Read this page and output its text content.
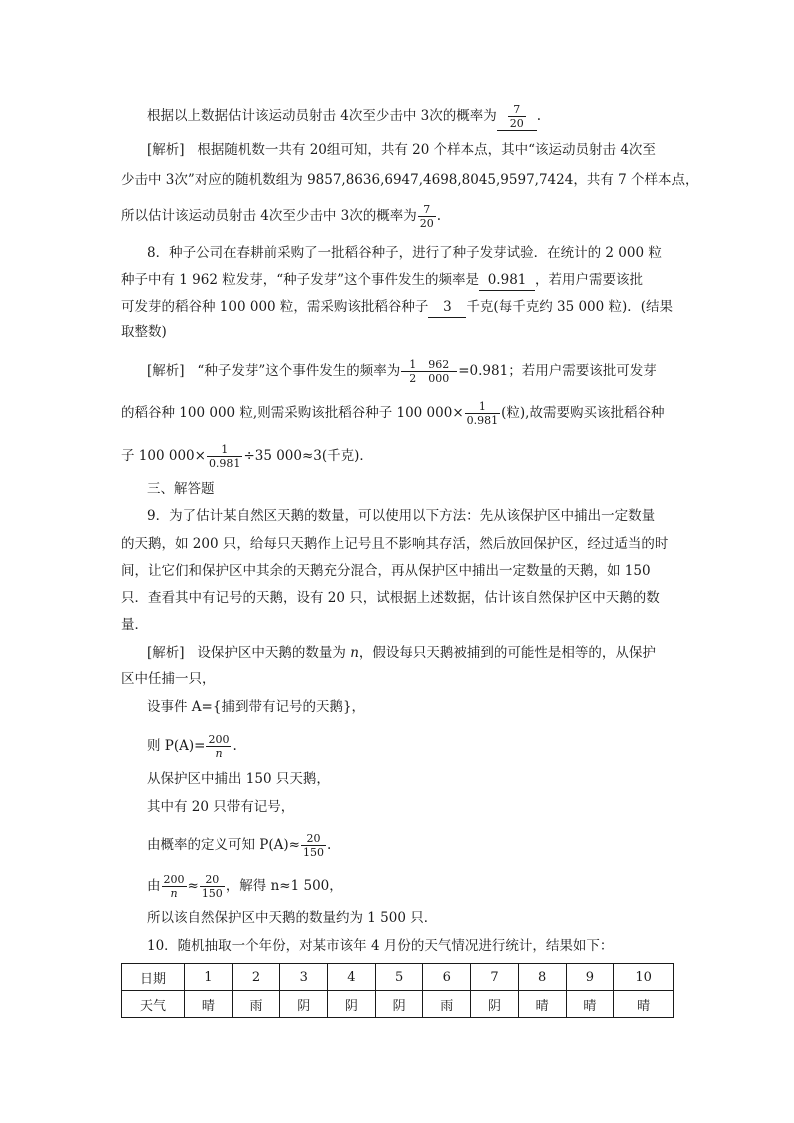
根据以上数据估计该运动员射击 4次至少击中 3次的概率为 $\frac{7}{20}$ .
[解析] 根据随机数一共有 20组可知，共有 20 个样本点，其中“该运动员射击 4次至
少击中 3次”对应的随机数组为 9857,8636,6947,4698,8045,9597,7424，共有 7 个样本点，
所以估计该运动员射击 4次至少击中 3次的概率为 $\frac{7}{20}$ .
8．种子公司在春耕前采购了一批稻谷种子，进行了种子发芽试验．在统计的 2 000 粒
种子中有 1 962 粒发芽，“种子发芽”这个事件发生的频率是 0.981 ，若用户需要该批
可发芽的稻谷种 100 000 粒，需采购该批稻谷种子 3 千克(每千克约 35 000 粒)．(结果
取整数)
[解析] “种子发芽”这个事件发生的频率为 $\frac{1 962}{2 000} =0.981$；若用户需要该批可发芽
的稻谷种 100 000 粒,则需采购该批稻谷种子 100 $000\times \frac{1}{0.981}$ (粒),故需要购买该批稻谷种
子 100 $000\times \frac{1}{0.981} \div 35$ 000≈3(千克)．
三、解答题
9．为了估计某自然区天鹅的数量，可以使用以下方法：先从该保护区中捕出一定数量
的天鹅，如 200 只，给每只天鹅作上记号且不影响其存活，然后放回保护区，经过适当的时
间，让它们和保护区中其余的天鹅充分混合，再从保护区中捕出一定数量的天鹅，如 150
只．查看其中有记号的天鹅，设有 20 只，试根据上述数据，估计该自然保护区中天鹅的数
量．
[解析] 设保护区中天鹅的数量为 n，假设每只天鹅被捕到的可能性是相等的，从保护
区中任捕一只，
设事件 A={捕到带有记号的天鹅}，
则 $P(A)= \frac{200}{n}$ .
从保护区中捕出 150 只天鹅，
其中有 20 只带有记号，
由概率的定义可知 $P(A)\approx \frac{20}{150}$ .
由 $\frac{200}{n} \approx \frac{20}{150}$ ，解得 n≈1 500，
所以该自然保护区中天鹅的数量约为 1 500 只．
10．随机抽取一个年份，对某市该年 4 月份的天气情况进行统计，结果如下：
日期	1	2	3	4	5	6	7	8	9	10
天气	晴	雨	阴	阴	阴	雨	阴	晴	晴	晴
